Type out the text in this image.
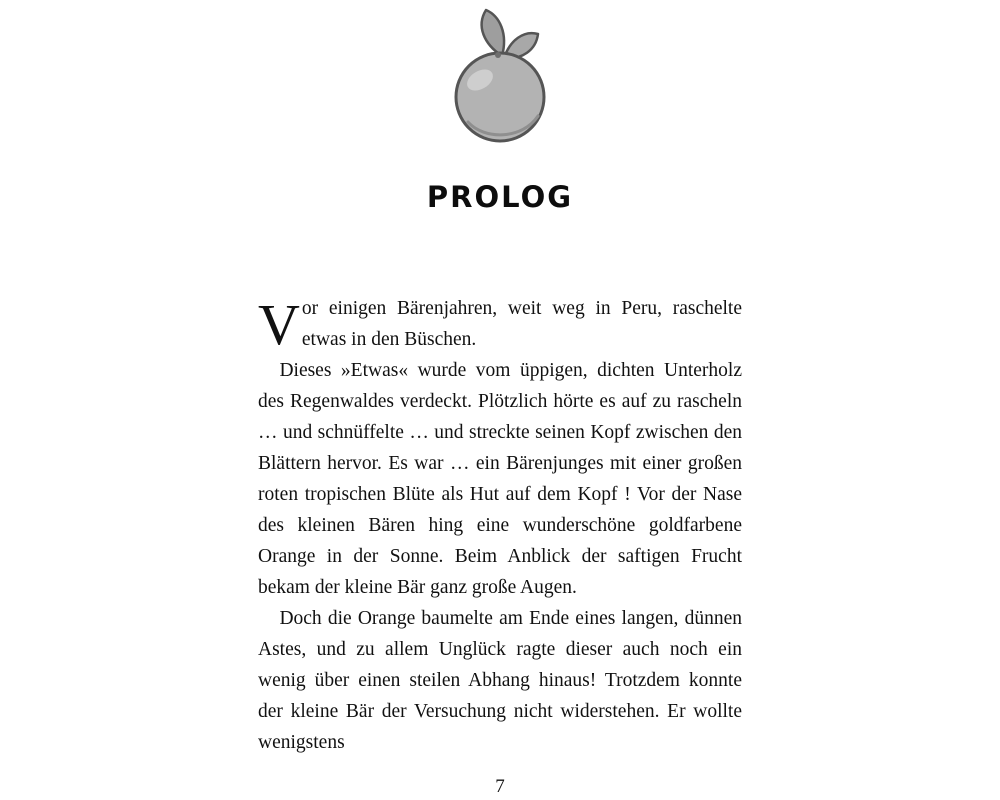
PROLOG

Vor einigen Bärenjahren, weit weg in Peru, raschelte etwas in den Büschen.

Dieses »Etwas« wurde vom üppigen, dichten Unterholz des Regenwaldes verdeckt. Plötzlich hörte es auf zu rascheln … und schnüffelte … und streckte seinen Kopf zwischen den Blättern hervor. Es war … ein Bärenjunges mit einer großen roten tropischen Blüte als Hut auf dem Kopf ! Vor der Nase des kleinen Bären hing eine wunderschöne goldfarbene Orange in der Sonne. Beim Anblick der saftigen Frucht bekam der kleine Bär ganz große Augen.

Doch die Orange baumelte am Ende eines langen, dünnen Astes, und zu allem Unglück ragte dieser auch noch ein wenig über einen steilen Abhang hinaus! Trotzdem konnte der kleine Bär der Versuchung nicht widerstehen. Er wollte wenigstens

7
